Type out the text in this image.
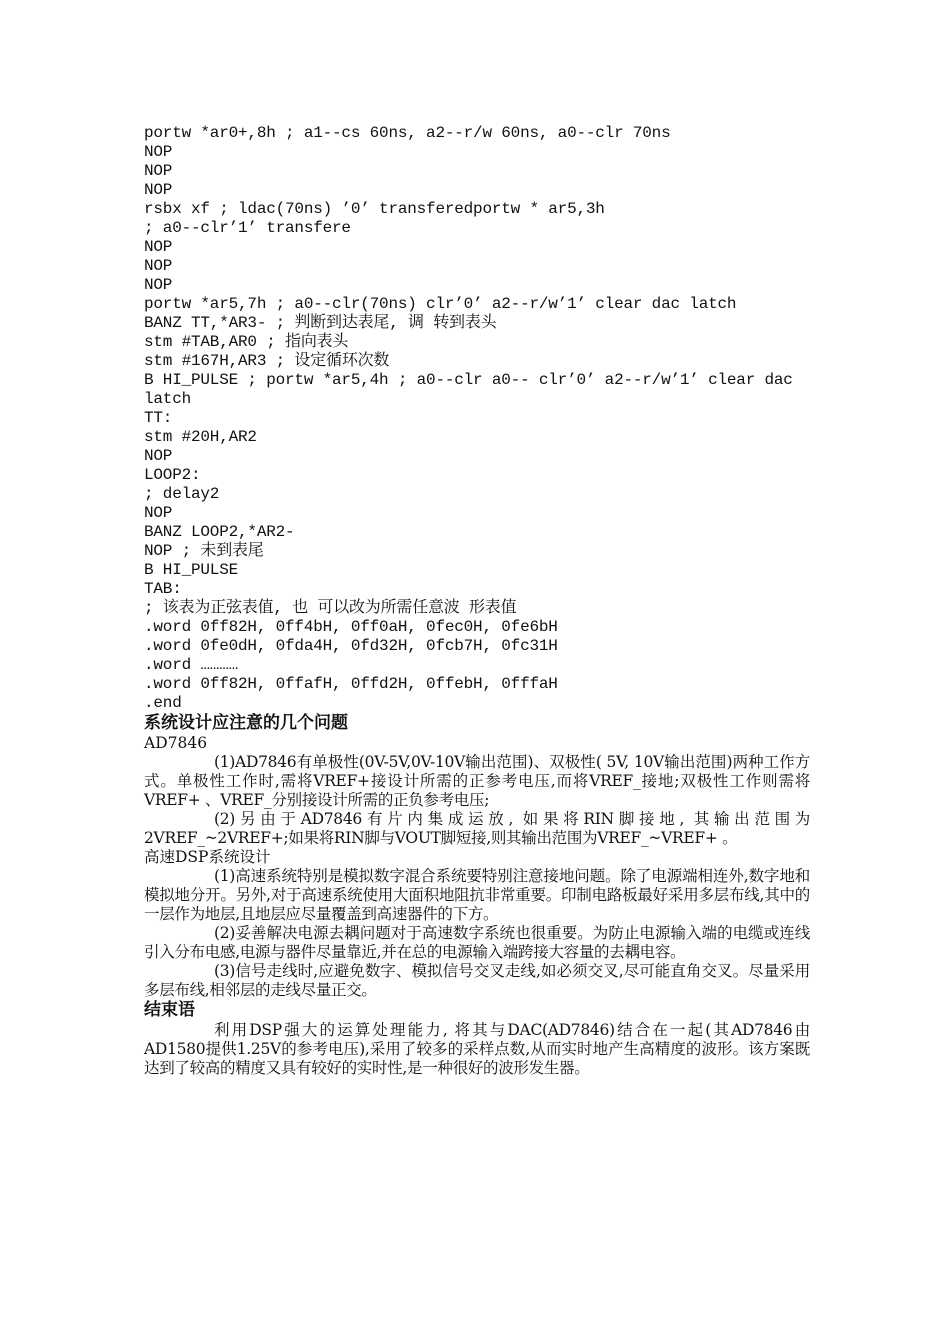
portw *ar0+,8h ; a1--cs 60ns, a2--r/w 60ns, a0--clr 70ns
NOP
NOP
NOP
rsbx xf ; ldac(70ns) ’0’ transferedportw * ar5,3h
; a0--clr’1’ transfere
NOP
NOP
NOP
portw *ar5,7h ; a0--clr(70ns) clr’0’ a2--r/w’1’ clear dac latch
BANZ TT,*AR3- ; 判断到达表尾, 调 转到表头
stm #TAB,AR0 ; 指向表头
stm #167H,AR3 ; 设定循环次数
B HI_PULSE ; portw *ar5,4h ; a0--clr a0-- clr’0’ a2--r/w’1’ clear dac
latch
TT:
stm #20H,AR2
NOP
LOOP2:
; delay2
NOP
BANZ LOOP2,*AR2-
NOP ; 未到表尾
B HI_PULSE
TAB:
; 该表为正弦表值, 也 可以改为所需任意波 形表值
.word 0ff82H, 0ff4bH, 0ff0aH, 0fec0H, 0fe6bH
.word 0fe0dH, 0fda4H, 0fd32H, 0fcb7H, 0fc31H
.word …………
.word 0ff82H, 0ffafH, 0ffd2H, 0ffebH, 0fffaH
.end
系统设计应注意的几个问题
AD7846

(1)AD7846有单极性(0V-5V,0V-10V输出范围)、双极性( 5V, 10V输出范围)两种工作方式。单极性工作时,需将VREF+接设计所需的正参考电压,而将VREF_接地;双极性工作则需将VREF+ 、VREF_分别接设计所需的正负参考电压;

(2)另由于AD7846有片内集成运放, 如果将RIN脚接地, 其输出范围为2VREF_~2VREF+;如果将RIN脚与VOUT脚短接,则其输出范围为VREF_~VREF+ 。

高速DSP系统设计

(1)高速系统特别是模拟数字混合系统要特别注意接地问题。除了电源端相连外,数字地和模拟地分开。另外,对于高速系统使用大面积地阻抗非常重要。印制电路板最好采用多层布线,其中的一层作为地层,且地层应尽量覆盖到高速器件的下方。

(2)妥善解决电源去耦问题对于高速数字系统也很重要。为防止电源输入端的电缆或连线引入分布电感,电源与器件尽量靠近,并在总的电源输入端跨接大容量的去耦电容。

(3)信号走线时,应避免数字、模拟信号交叉走线,如必须交叉,尽可能直角交叉。尽量采用多层布线,相邻层的走线尽量正交。

结束语

利用DSP强大的运算处理能力, 将其与DAC(AD7846)结合在一起(其AD7846由AD1580提供1.25V的参考电压),采用了较多的采样点数,从而实时地产生高精度的波形。该方案既达到了较高的精度又具有较好的实时性,是一种很好的波形发生器。
